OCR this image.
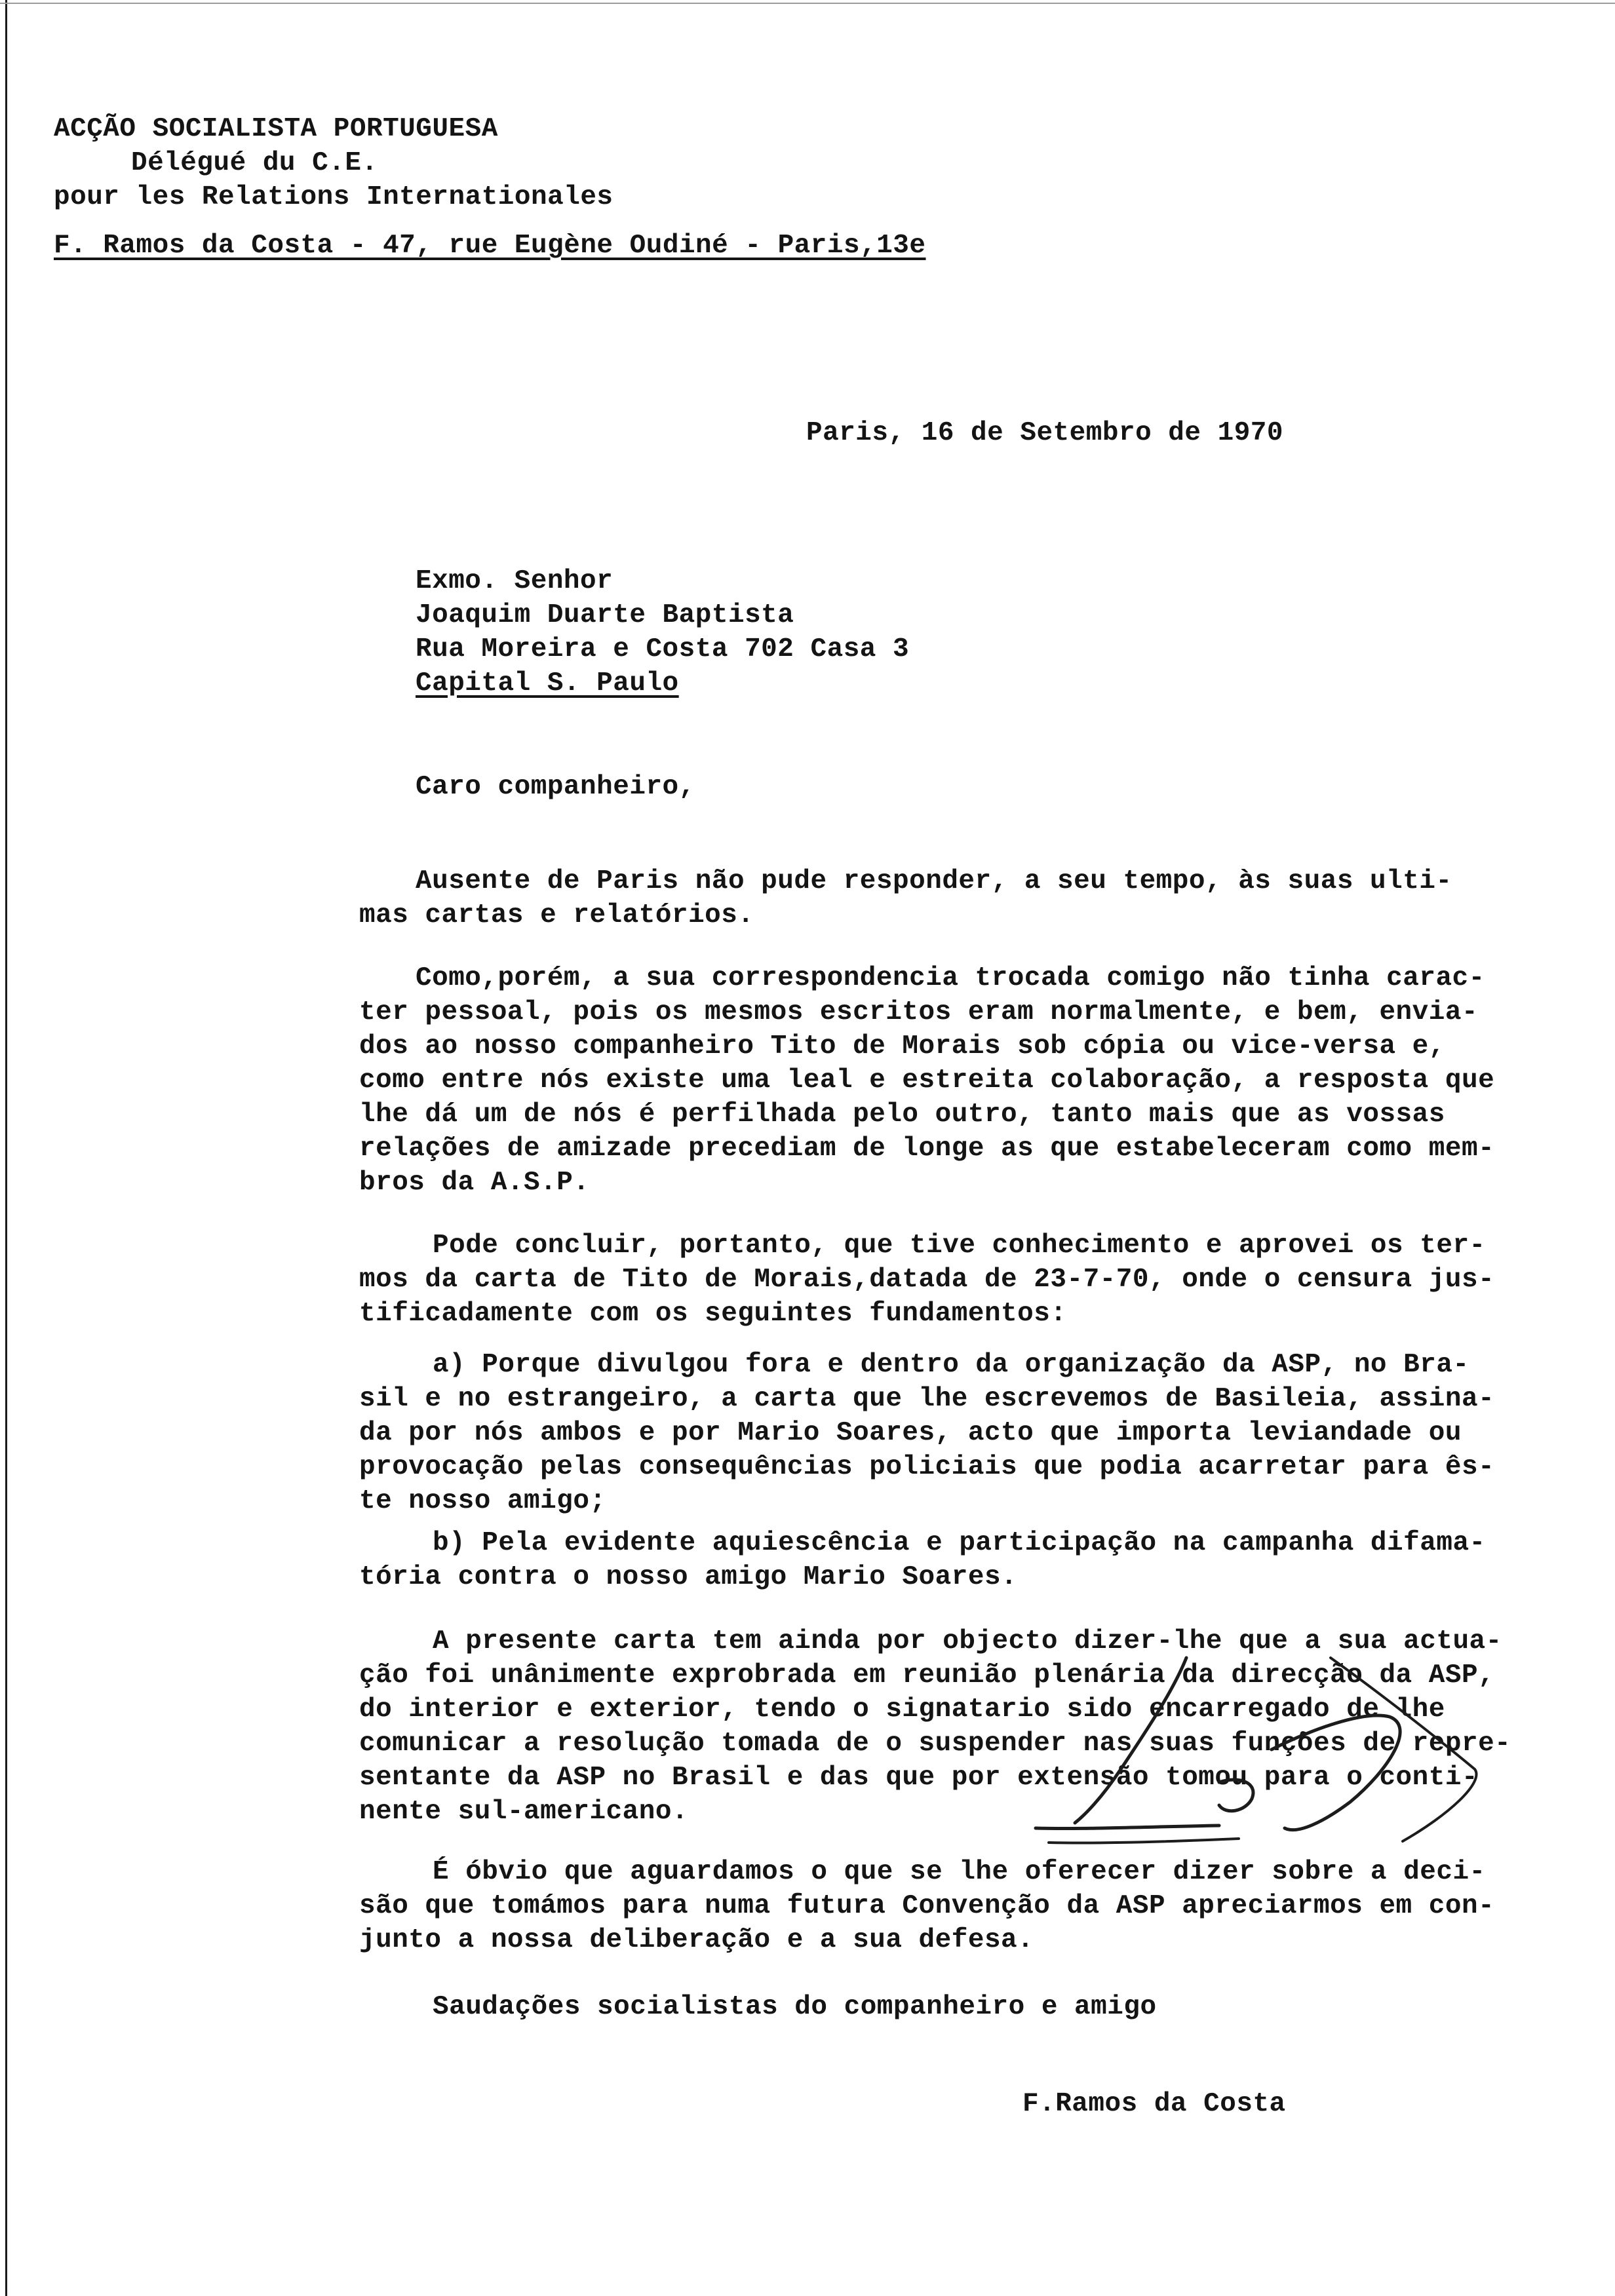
ACÇÃO SOCIALISTA PORTUGUESA
Délégué du C.E.
pour les Relations Internationales
F. Ramos da Costa - 47, rue Eugène Oudiné - Paris,13e
Paris, 16 de Setembro de 1970
Exmo. Senhor
Joaquim Duarte Baptista
Rua Moreira e Costa 702 Casa 3
Capital S. Paulo
Caro companheiro,
Ausente de Paris não pude responder, a seu tempo, às suas ulti-
mas cartas e relatórios.
Como,porém, a sua correspondencia trocada comigo não tinha carac-
ter pessoal, pois os mesmos escritos eram normalmente, e bem, envia-
dos ao nosso companheiro Tito de Morais sob cópia ou vice-versa e,
como entre nós existe uma leal e estreita colaboração, a resposta que
lhe dá um de nós é perfilhada pelo outro, tanto mais que as vossas
relações de amizade precediam de longe as que estabeleceram como mem-
bros da A.S.P.
Pode concluir, portanto, que tive conhecimento e aprovei os ter-
mos da carta de Tito de Morais,datada de 23-7-70, onde o censura jus-
tificadamente com os seguintes fundamentos:
a) Porque divulgou fora e dentro da organização da ASP, no Bra-
sil e no estrangeiro, a carta que lhe escrevemos de Basileia, assina-
da por nós ambos e por Mario Soares, acto que importa leviandade ou
provocação pelas consequências policiais que podia acarretar para ês-
te nosso amigo;
b) Pela evidente aquiescência e participação na campanha difama-
tória contra o nosso amigo Mario Soares.
A presente carta tem ainda por objecto dizer-lhe que a sua actua-
ção foi unânimente exprobrada em reunião plenária da direcção da ASP,
do interior e exterior, tendo o signatario sido encarregado de lhe
comunicar a resolução tomada de o suspender nas suas funções de repre-
sentante da ASP no Brasil e das que por extensão tomou para o conti-
nente sul-americano.
É óbvio que aguardamos o que se lhe oferecer dizer sobre a deci-
são que tomámos para numa futura Convenção da ASP apreciarmos em con-
junto a nossa deliberação e a sua defesa.
Saudações socialistas do companheiro e amigo
F.Ramos da Costa
